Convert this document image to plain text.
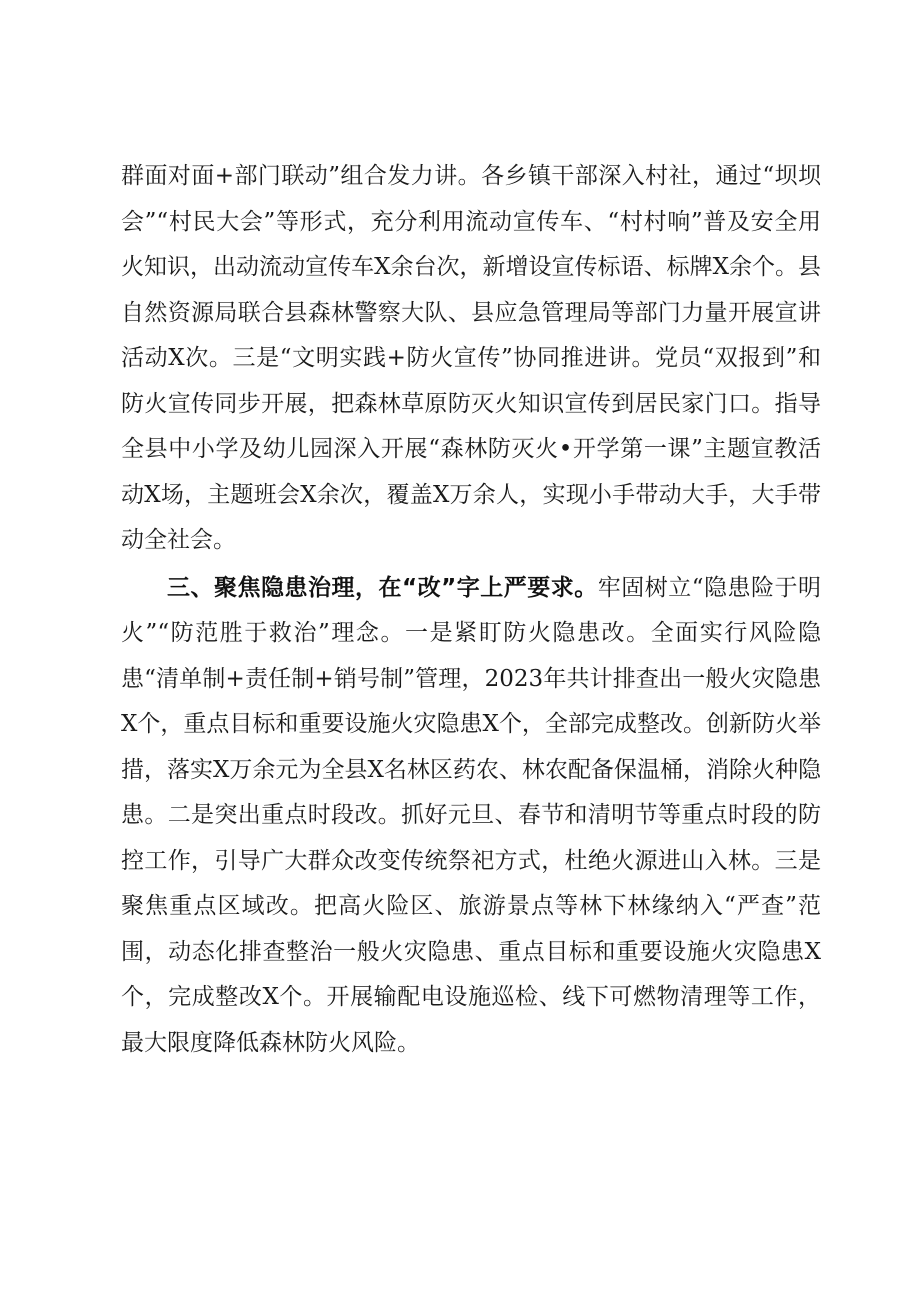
群面对面+部门联动”组合发力讲。各乡镇干部深入村社，通过“坝坝会”“村民大会”等形式，充分利用流动宣传车、“村村响”普及安全用火知识，出动流动宣传车X余台次，新增设宣传标语、标牌X余个。县自然资源局联合县森林警察大队、县应急管理局等部门力量开展宣讲活动X次。三是“文明实践+防火宣传”协同推进讲。党员“双报到”和防火宣传同步开展，把森林草原防灭火知识宣传到居民家门口。指导全县中小学及幼儿园深入开展“森林防灭火•开学第一课”主题宣教活动X场，主题班会X余次，覆盖X万余人，实现小手带动大手，大手带动全社会。

三、聚焦隐患治理，在“改”字上严要求。牢固树立“隐患险于明火”“防范胜于救治”理念。一是紧盯防火隐患改。全面实行风险隐患“清单制+责任制+销号制”管理，2023年共计排查出一般火灾隐患X个，重点目标和重要设施火灾隐患X个，全部完成整改。创新防火举措，落实X万余元为全县X名林区药农、林农配备保温桶，消除火种隐患。二是突出重点时段改。抓好元旦、春节和清明节等重点时段的防控工作，引导广大群众改变传统祭祀方式，杜绝火源进山入林。三是聚焦重点区域改。把高火险区、旅游景点等林下林缘纳入“严查”范围，动态化排查整治一般火灾隐患、重点目标和重要设施火灾隐患X个，完成整改X个。开展输配电设施巡检、线下可燃物清理等工作，最大限度降低森林防火风险。
